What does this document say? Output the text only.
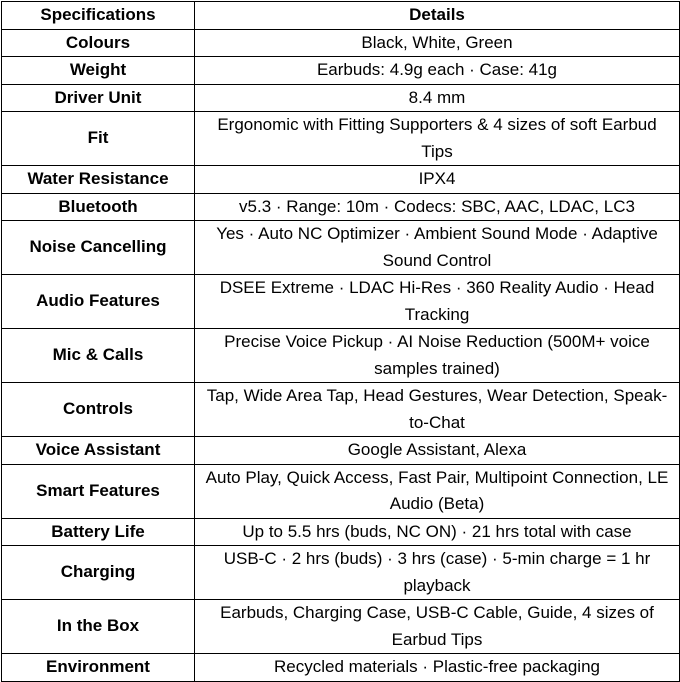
Specifications	Details
Colours	Black, White, Green
Weight	Earbuds: 4.9g each · Case: 41g
Driver Unit	8.4 mm
Fit	Ergonomic with Fitting Supporters & 4 sizes of soft Earbud Tips
Water Resistance	IPX4
Bluetooth	v5.3 · Range: 10m · Codecs: SBC, AAC, LDAC, LC3
Noise Cancelling	Yes · Auto NC Optimizer · Ambient Sound Mode · Adaptive Sound Control
Audio Features	DSEE Extreme · LDAC Hi-Res · 360 Reality Audio · Head Tracking
Mic & Calls	Precise Voice Pickup · AI Noise Reduction (500M+ voice samples trained)
Controls	Tap, Wide Area Tap, Head Gestures, Wear Detection, Speak-to-Chat
Voice Assistant	Google Assistant, Alexa
Smart Features	Auto Play, Quick Access, Fast Pair, Multipoint Connection, LE Audio (Beta)
Battery Life	Up to 5.5 hrs (buds, NC ON) · 21 hrs total with case
Charging	USB-C · 2 hrs (buds) · 3 hrs (case) · 5-min charge = 1 hr playback
In the Box	Earbuds, Charging Case, USB-C Cable, Guide, 4 sizes of Earbud Tips
Environment	Recycled materials · Plastic-free packaging
